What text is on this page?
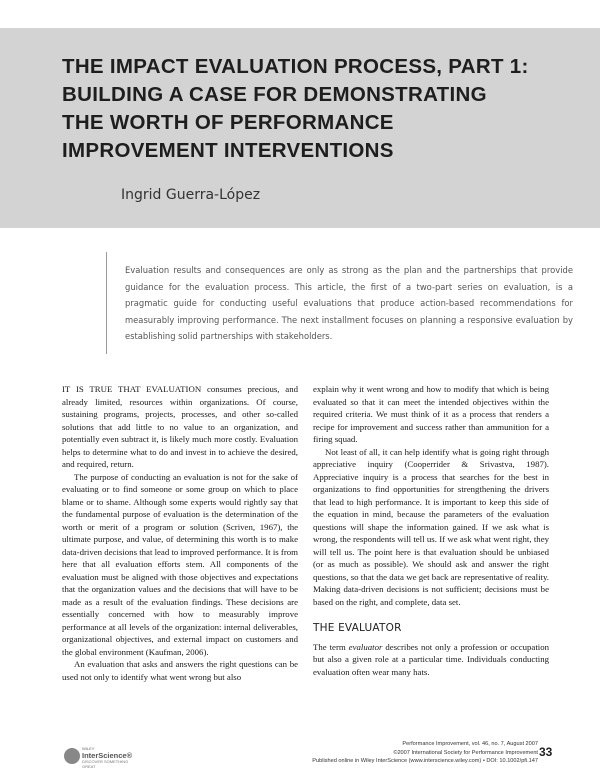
THE IMPACT EVALUATION PROCESS, PART 1:
BUILDING A CASE FOR DEMONSTRATING
THE WORTH OF PERFORMANCE
IMPROVEMENT INTERVENTIONS
Ingrid Guerra-López

Evaluation results and consequences are only as strong as the plan and the partnerships that provide guidance for the evaluation process. This article, the first of a two-part series on evaluation, is a pragmatic guide for conducting useful evaluations that produce action-based recommendations for measurably improving performance. The next installment focuses on planning a responsive evaluation by establishing solid partnerships with stakeholders.

IT IS TRUE THAT EVALUATION consumes precious, and already limited, resources within organizations. Of course, sustaining programs, projects, processes, and other so-called solutions that add little to no value to an organization, and potentially even subtract it, is likely much more costly. Evaluation helps to determine what to do and invest in to achieve the desired, and required, return.

The purpose of conducting an evaluation is not for the sake of evaluating or to find someone or some group on which to place blame or to shame. Although some experts would rightly say that the fundamental purpose of evaluation is the determination of the worth or merit of a program or solution (Scriven, 1967), the ultimate purpose, and value, of determining this worth is to make data-driven decisions that lead to improved performance. It is from here that all evaluation efforts stem. All components of the evaluation must be aligned with those objectives and expectations that the organization values and the decisions that will have to be made as a result of the evaluation findings. These decisions are essentially concerned with how to measurably improve performance at all levels of the organization: internal deliverables, organizational objectives, and external impact on customers and the global environment (Kaufman, 2006).

An evaluation that asks and answers the right questions can be used not only to identify what went wrong but also

explain why it went wrong and how to modify that which is being evaluated so that it can meet the intended objectives within the required criteria. We must think of it as a process that renders a recipe for improvement and success rather than ammunition for a firing squad.

Not least of all, it can help identify what is going right through appreciative inquiry (Cooperrider & Srivastva, 1987). Appreciative inquiry is a process that searches for the best in organizations to find opportunities for strengthening the drivers that lead to high performance. It is important to keep this side of the equation in mind, because the parameters of the evaluation questions will shape the information gained. If we ask what is wrong, the respondents will tell us. If we ask what went right, they will tell us. The point here is that evaluation should be unbiased (or as much as possible). We should ask and answer the right questions, so that the data we get back are representative of reality. Making data-driven decisions is not sufficient; decisions must be based on the right, and complete, data set.

THE EVALUATOR

The term evaluator describes not only a profession or occupation but also a given role at a particular time. Individuals conducting evaluation often wear many hats.

WILEY
InterScience®
DISCOVER SOMETHING GREAT
Performance Improvement, vol. 46, no. 7, August 2007
©2007 International Society for Performance Improvement
Published online in Wiley InterScience (www.interscience.wiley.com) • DOI: 10.1002/pfi.147
33
